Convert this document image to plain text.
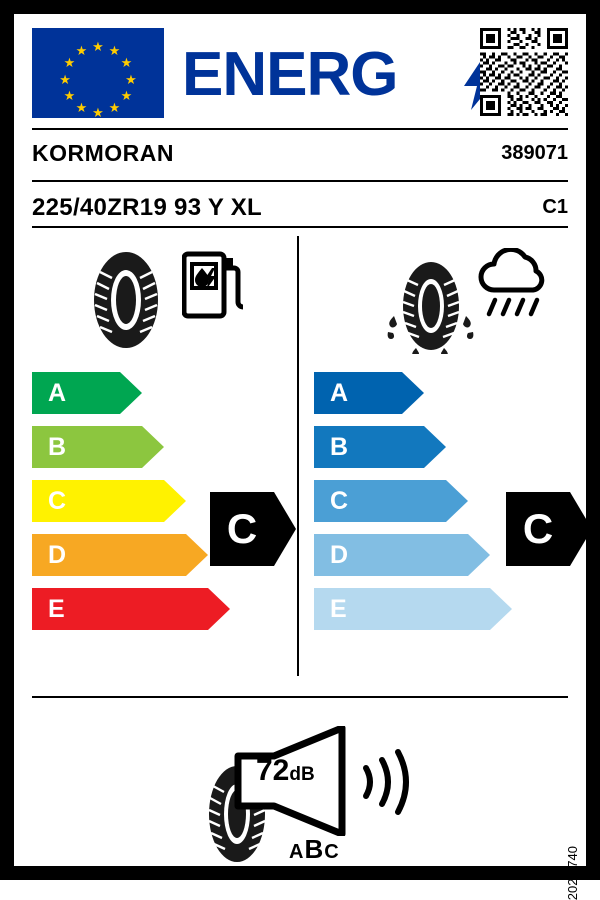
★
★
★
★
★
★ ★ ★
★
★
★
★ ENERG
KORMORAN	389071
225/40ZR19 93 Y XL	C1
A
B
C
D
E
C
A
B
C
D
E
C
72dB
ABC	2020/740
